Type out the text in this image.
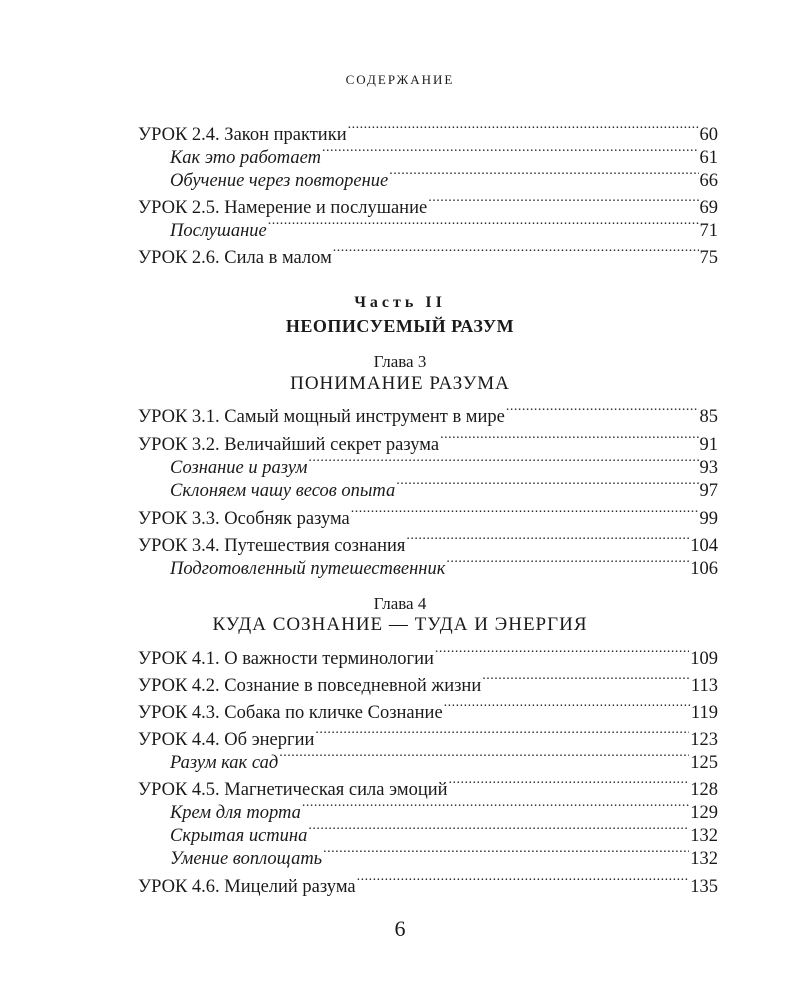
СОДЕРЖАНИЕ
УРОК 2.4. Закон практики .....	60
Как это работает .....	61
Обучение через повторение .....	66
УРОК 2.5. Намерение и послушание .....	69
Послушание .....	71
УРОК 2.6. Сила в малом .....	75
Часть II
НЕОПИСУЕМЫЙ РАЗУМ
Глава 3
ПОНИМАНИЕ РАЗУМА
УРОК 3.1. Самый мощный инструмент в мире .....	85
УРОК 3.2. Величайший секрет разума .....	91
Сознание и разум .....	93
Склоняем чашу весов опыта .....	97
УРОК 3.3. Особняк разума .....	99
УРОК 3.4. Путешествия сознания .....	104
Подготовленный путешественник .....	106
Глава 4
КУДА СОЗНАНИЕ — ТУДА И ЭНЕРГИЯ
УРОК 4.1. О важности терминологии .....	109
УРОК 4.2. Сознание в повседневной жизни .....	113
УРОК 4.3. Собака по кличке Сознание .....	119
УРОК 4.4. Об энергии .....	123
Разум как сад .....	125
УРОК 4.5. Магнетическая сила эмоций .....	128
Крем для торта .....	129
Скрытая истина .....	132
Умение воплощать .....	132
УРОК 4.6. Мицелий разума .....	135
6
